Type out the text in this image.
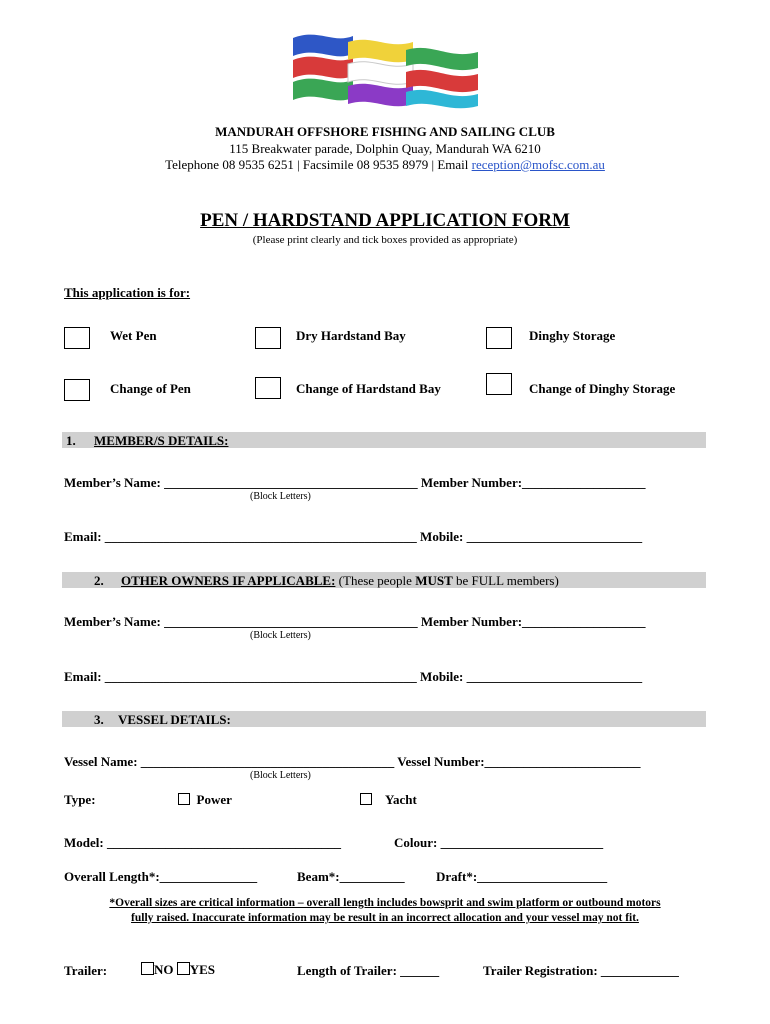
MANDURAH OFFSHORE FISHING AND SAILING CLUB
115 Breakwater parade, Dolphin Quay, Mandurah WA 6210
Telephone 08 9535 6251 | Facsimile 08 9535 8979 | Email reception@mofsc.com.au
PEN / HARDSTAND APPLICATION FORM
(Please print clearly and tick boxes provided as appropriate)
This application is for:
Wet Pen	Dry Hardstand Bay	Dinghy Storage
Change of Pen	Change of Hardstand Bay	Change of Dinghy Storage
1. MEMBER/S DETAILS:
Member’s Name: _______________________________________ Member Number:___________________
(Block Letters)
Email: ________________________________________________ Mobile: ___________________________
2. OTHER OWNERS IF APPLICABLE: (These people MUST be FULL members)
Member’s Name: _______________________________________ Member Number:___________________
(Block Letters)
Email: ________________________________________________ Mobile: ___________________________
3. VESSEL DETAILS:
Vessel Name: _______________________________________ Vessel Number:________________________
(Block Letters)
Type:	Power	Yacht
Model: ____________________________________	Colour: _________________________
Overall Length*:_______________	Beam*:__________ Draft*:____________________
*Overall sizes are critical information – overall length includes bowsprit and swim platform or outbound motors
fully raised. Inaccurate information may be result in an incorrect allocation and your vessel may not fit.
Trailer:	NO YES	Length of Trailer: ______	Trailer Registration: ____________
